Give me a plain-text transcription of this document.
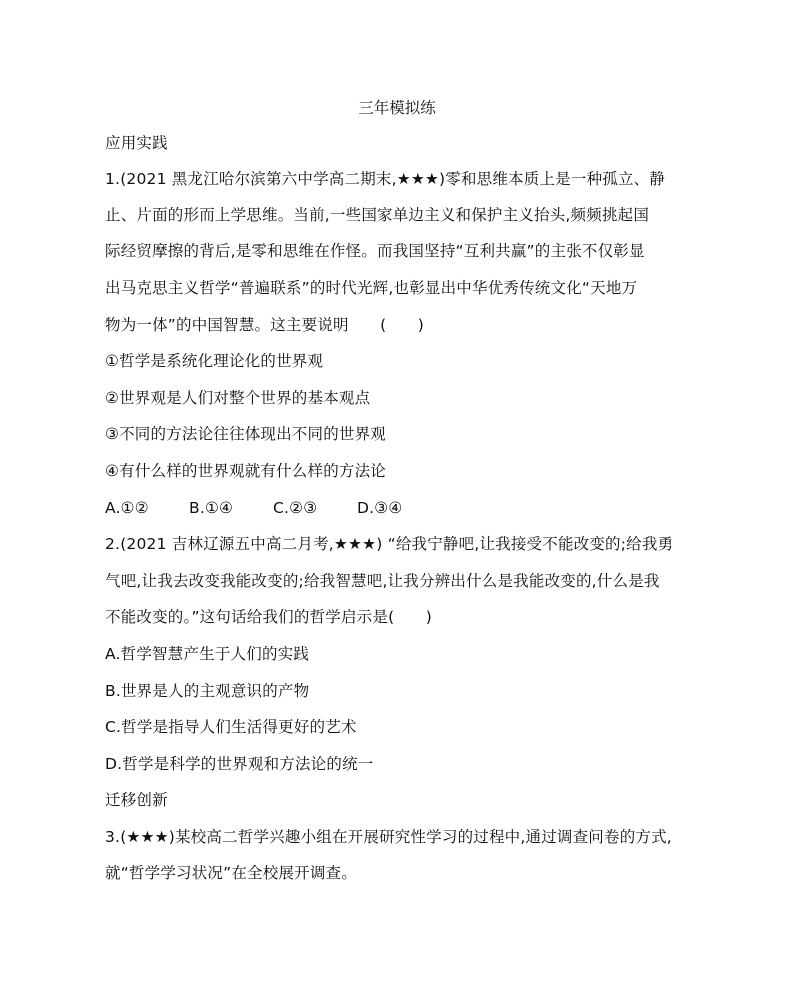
三年模拟练
应用实践
1.(2021 黑龙江哈尔滨第六中学高二期末,★★★)零和思维本质上是一种孤立、静
止、片面的形而上学思维。当前,一些国家单边主义和保护主义抬头,频频挑起国
际经贸摩擦的背后,是零和思维在作怪。而我国坚持“互利共赢”的主张不仅彰显
出马克思主义哲学“普遍联系”的时代光辉,也彰显出中华优秀传统文化“天地万
物为一体”的中国智慧。这主要说明　　(　　)
①哲学是系统化理论化的世界观
②世界观是人们对整个世界的基本观点
③不同的方法论往往体现出不同的世界观
④有什么样的世界观就有什么样的方法论
A.①②	B.①④	C.②③	D.③④
2.(2021 吉林辽源五中高二月考,★★★) “给我宁静吧,让我接受不能改变的;给我勇
气吧,让我去改变我能改变的;给我智慧吧,让我分辨出什么是我能改变的,什么是我
不能改变的。”这句话给我们的哲学启示是(　　)
A.哲学智慧产生于人们的实践
B.世界是人的主观意识的产物
C.哲学是指导人们生活得更好的艺术
D.哲学是科学的世界观和方法论的统一
迁移创新
3.(★★★)某校高二哲学兴趣小组在开展研究性学习的过程中,通过调查问卷的方式,
就“哲学学习状况”在全校展开调查。
